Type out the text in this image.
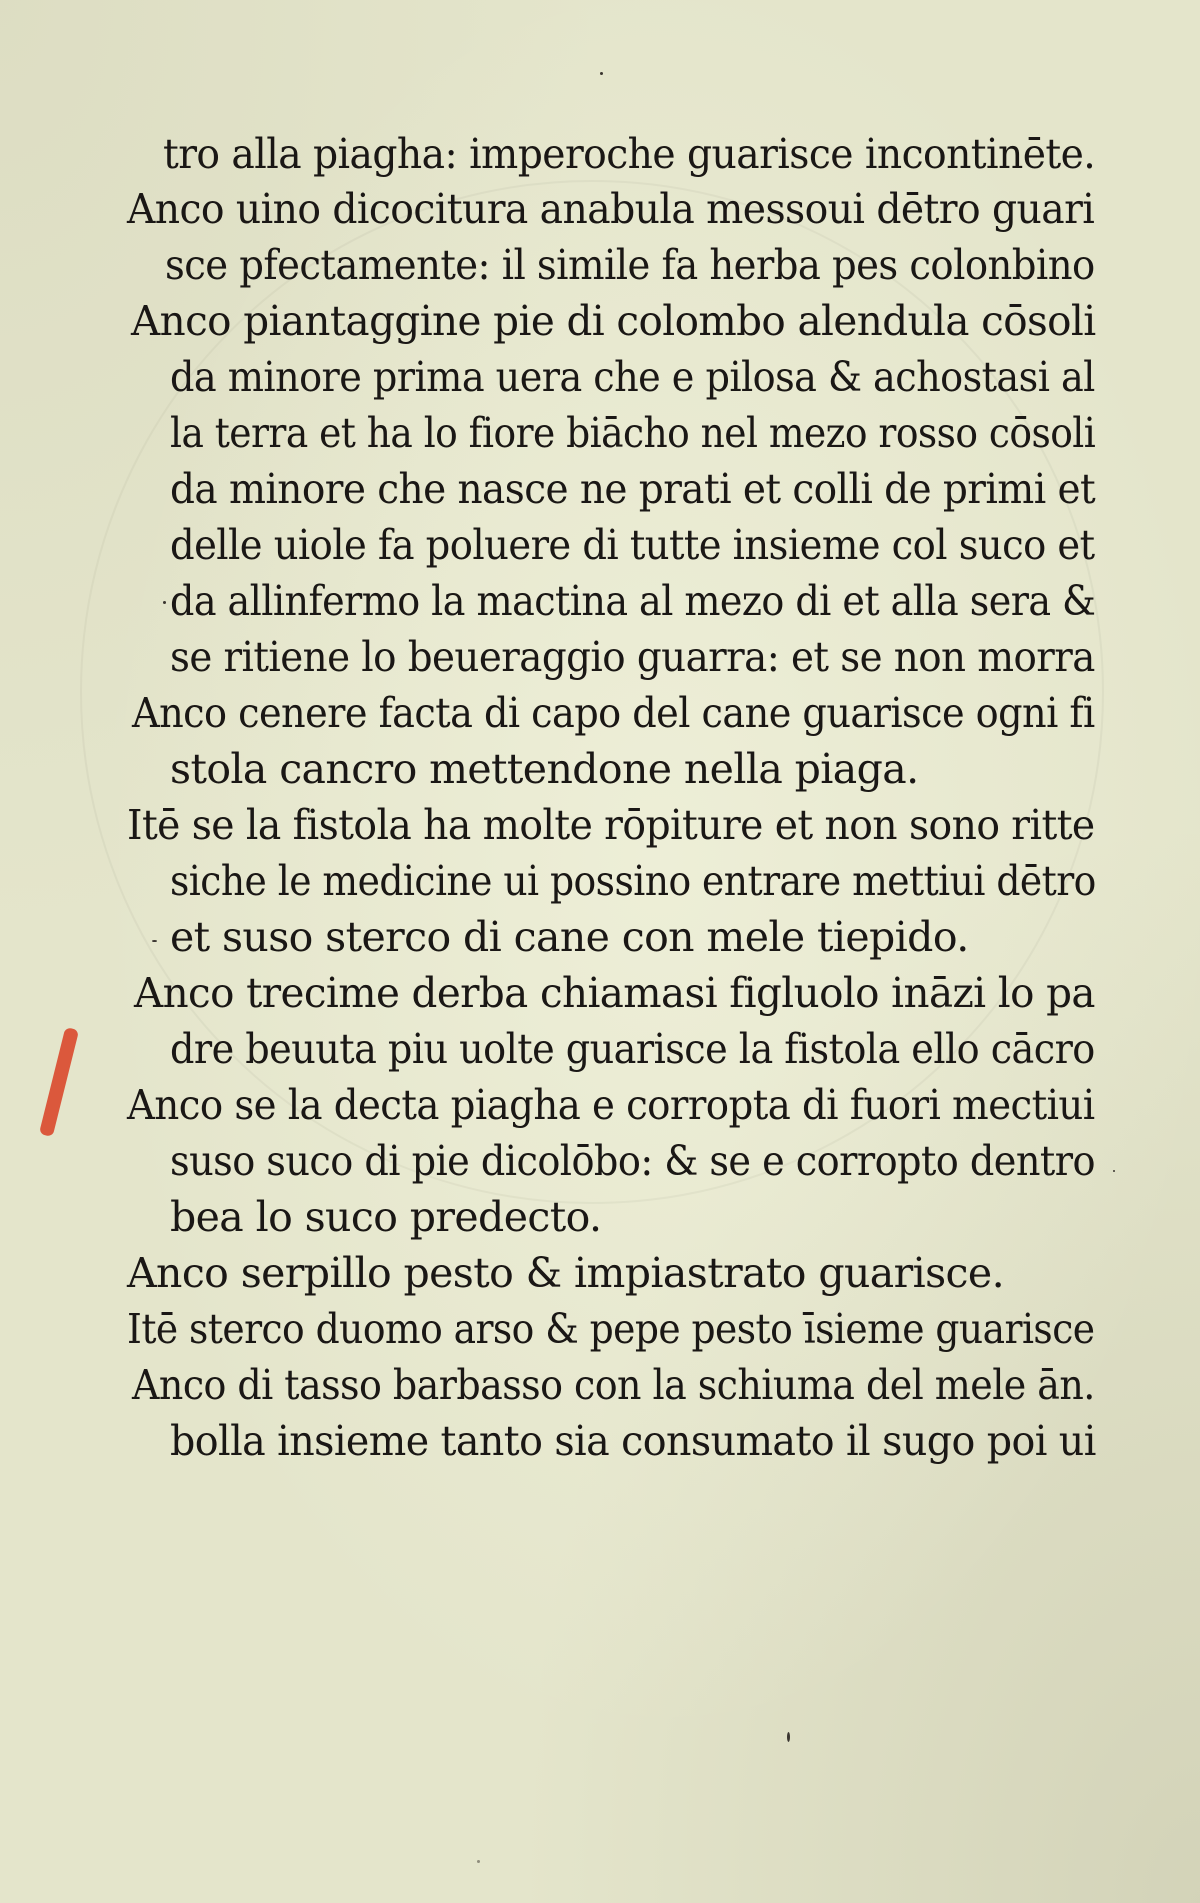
tro alla piagha: imperoche guarisce incontinēte.
Anco uino dicocitura anabula messoui dētro guari
sce pfectamente: il simile fa herba pes colonbino
Anco piantaggine pie di colombo alendula cōsoli
da minore prima uera che e pilosa & achostasi al
la terra et ha lo fiore biācho nel mezo rosso cōsoli
da minore che nasce ne prati et colli de primi et
delle uiole fa poluere di tutte insieme col suco et
da allinfermo la mactina al mezo di et alla sera &
se ritiene lo beueraggio guarra: et se non morra
Anco cenere facta di capo del cane guarisce ogni fi
stola cancro mettendone nella piaga.
Itē se la fistola ha molte rōpiture et non sono ritte
siche le medicine ui possino entrare mettiui dētro
et suso sterco di cane con mele tiepido.
Anco trecime derba chiamasi figluolo ināzi lo pa
dre beuuta piu uolte guarisce la fistola ello cācro
Anco se la decta piagha e corropta di fuori mectiui
suso suco di pie dicolōbo: & se e corropto dentro
bea lo suco predecto.
Anco serpillo pesto & impiastrato guarisce.
Itē sterco duomo arso & pepe pesto īsieme guarisce
Anco di tasso barbasso con la schiuma del mele ān.
bolla insieme tanto sia consumato il sugo poi ui
